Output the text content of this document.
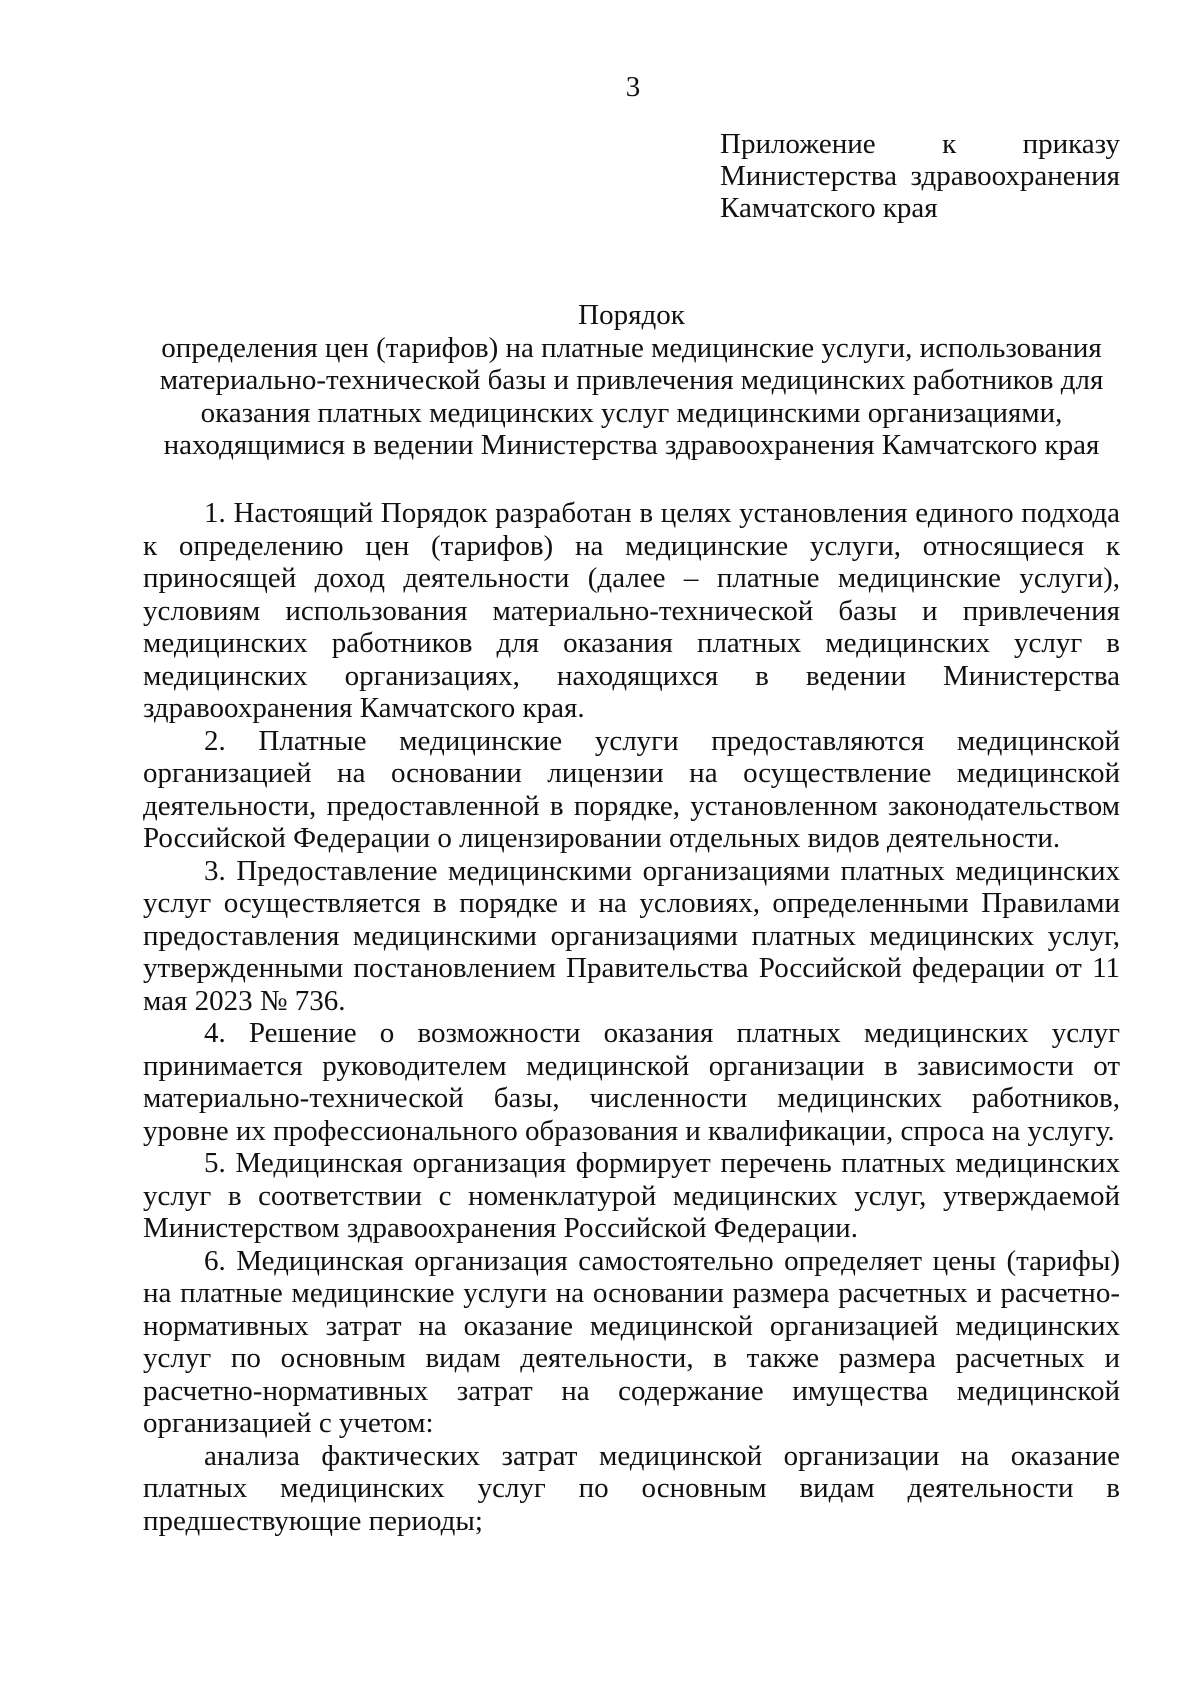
3
Приложение к приказу
Министерства здравоохранения
Камчатского края
Порядок
определения цен (тарифов) на платные медицинские услуги, использования
материально-технической базы и привлечения медицинских работников для
оказания платных медицинских услуг медицинскими организациями,
находящимися в ведении Министерства здравоохранения Камчатского края

1. Настоящий Порядок разработан в целях установления единого подхода к определению цен (тарифов) на медицинские услуги, относящиеся к приносящей доход деятельности (далее – платные медицинские услуги), условиям использования материально-технической базы и привлечения медицинских работников для оказания платных медицинских услуг в медицинских организациях, находящихся в ведении Министерства здравоохранения Камчатского края.

2. Платные медицинские услуги предоставляются медицинской организацией на основании лицензии на осуществление медицинской деятельности, предоставленной в порядке, установленном законодательством Российской Федерации о лицензировании отдельных видов деятельности.

3. Предоставление медицинскими организациями платных медицинских услуг осуществляется в порядке и на условиях, определенными Правилами предоставления медицинскими организациями платных медицинских услуг, утвержденными постановлением Правительства Российской федерации от 11 мая 2023 № 736.

4. Решение о возможности оказания платных медицинских услуг принимается руководителем медицинской организации в зависимости от материально-технической базы, численности медицинских работников, уровне их профессионального образования и квалификации, спроса на услугу.

5. Медицинская организация формирует перечень платных медицинских услуг в соответствии с номенклатурой медицинских услуг, утверждаемой Министерством здравоохранения Российской Федерации.

6. Медицинская организация самостоятельно определяет цены (тарифы) на платные медицинские услуги на основании размера расчетных и расчетно-нормативных затрат на оказание медицинской организацией медицинских услуг по основным видам деятельности, в также размера расчетных и расчетно-нормативных затрат на содержание имущества медицинской организацией с учетом:

анализа фактических затрат медицинской организации на оказание платных медицинских услуг по основным видам деятельности в предшествующие периоды;
